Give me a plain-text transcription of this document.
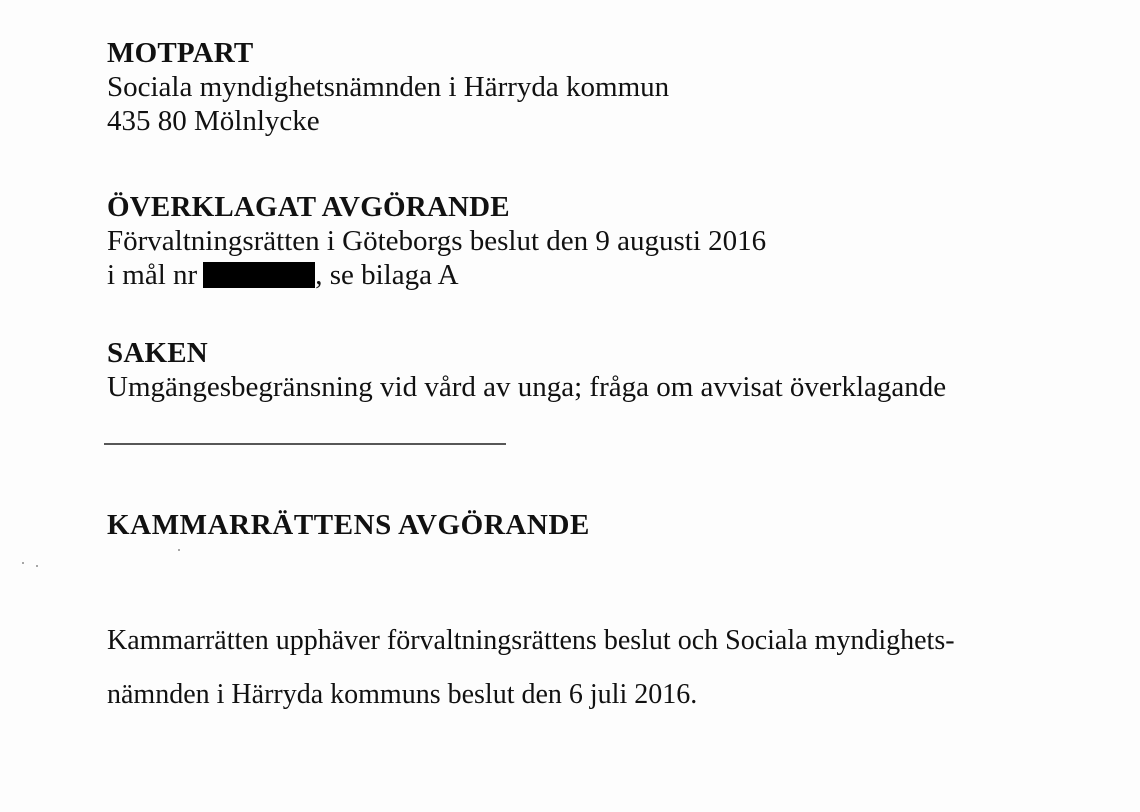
MOTPART
Sociala myndighetsnämnden i Härryda kommun
435 80 Mölnlycke
ÖVERKLAGAT AVGÖRANDE
Förvaltningsrätten i Göteborgs beslut den 9 augusti 2016
i mål nr	, se bilaga A
SAKEN
Umgängesbegränsning vid vård av unga; fråga om avvisat överklagande
KAMMARRÄTTENS AVGÖRANDE
Kammarrätten upphäver förvaltningsrättens beslut och Sociala myndighets-
nämnden i Härryda kommuns beslut den 6 juli 2016.
